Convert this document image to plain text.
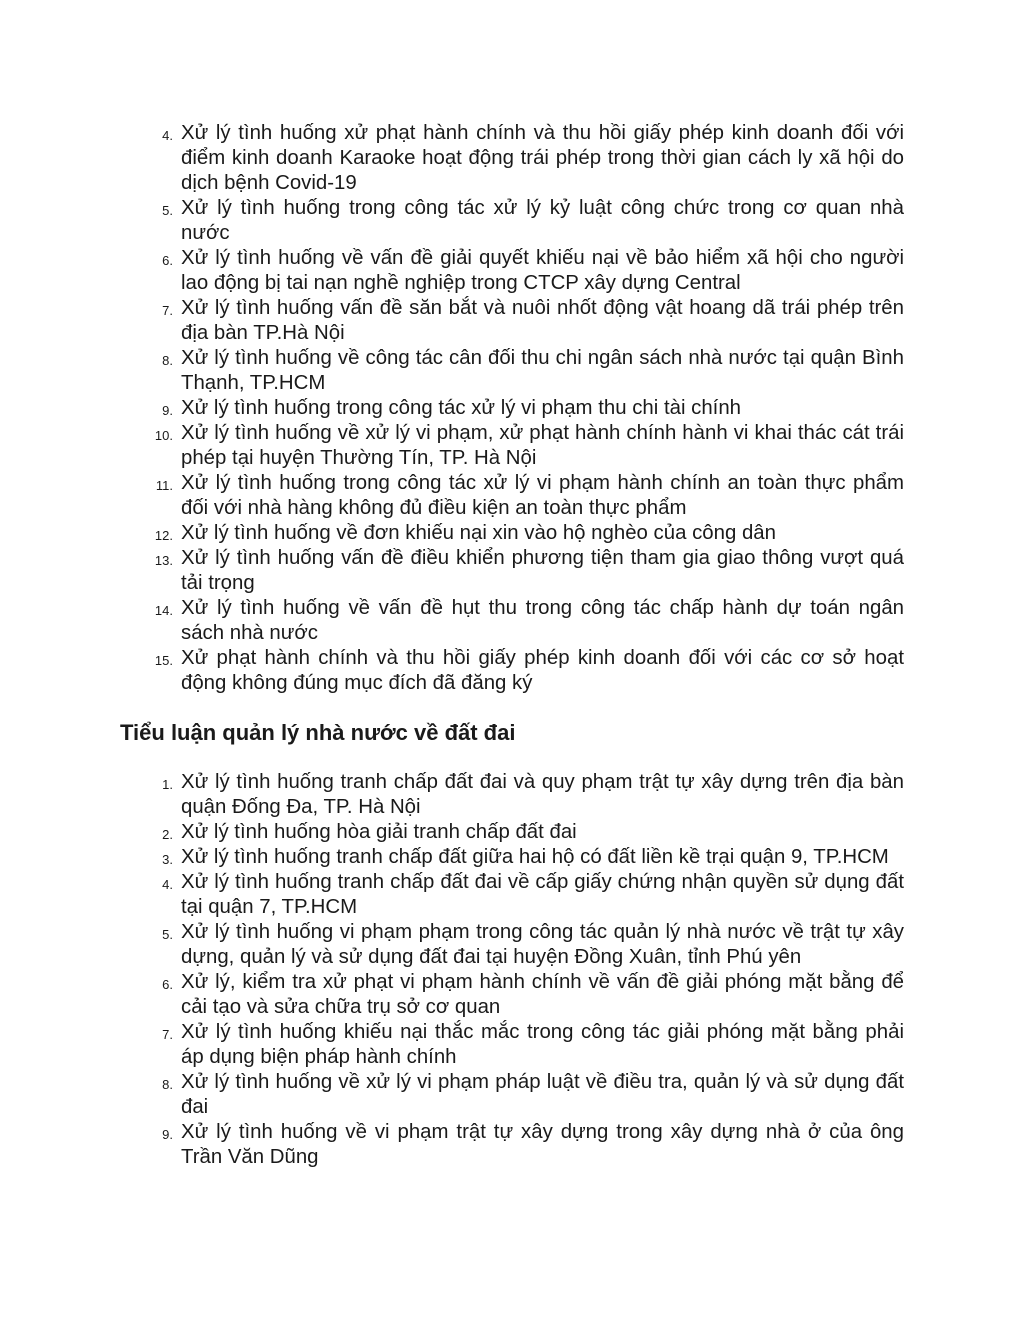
4. Xử lý tình huống xử phạt hành chính và thu hồi giấy phép kinh doanh đối với điểm kinh doanh Karaoke hoạt động trái phép trong thời gian cách ly xã hội do dịch bệnh Covid-19
5. Xử lý tình huống trong công tác xử lý kỷ luật công chức trong cơ quan nhà nước
6. Xử lý tình huống về vấn đề giải quyết khiếu nại về bảo hiểm xã hội cho người lao động bị tai nạn nghề nghiệp trong CTCP xây dựng Central
7. Xử lý tình huống vấn đề săn bắt và nuôi nhốt động vật hoang dã trái phép trên địa bàn TP.Hà Nội
8. Xử lý tình huống về công tác cân đối thu chi ngân sách nhà nước tại quận Bình Thạnh, TP.HCM
9. Xử lý tình huống trong công tác xử lý vi phạm thu chi tài chính
10. Xử lý tình huống về xử lý vi phạm, xử phạt hành chính hành vi khai thác cát trái phép tại huyện Thường Tín, TP. Hà Nội
11. Xử lý tình huống trong công tác xử lý vi phạm hành chính an toàn thực phẩm đối với nhà hàng không đủ điều kiện an toàn thực phẩm
12. Xử lý tình huống về đơn khiếu nại xin vào hộ nghèo của công dân
13. Xử lý tình huống vấn đề điều khiển phương tiện tham gia giao thông vượt quá tải trọng
14. Xử lý tình huống về vấn đề hụt thu trong công tác chấp hành dự toán ngân sách nhà nước
15. Xử phạt hành chính và thu hồi giấy phép kinh doanh đối với các cơ sở hoạt động không đúng mục đích đã đăng ký
Tiểu luận quản lý nhà nước về đất đai
1. Xử lý tình huống tranh chấp đất đai và quy phạm trật tự xây dựng trên địa bàn quận Đống Đa, TP. Hà Nội
2. Xử lý tình huống hòa giải tranh chấp đất đai
3. Xử lý tình huống tranh chấp đất giữa hai hộ có đất liền kề trại quận 9, TP.HCM
4. Xử lý tình huống tranh chấp đất đai về cấp giấy chứng nhận quyền sử dụng đất tại quận 7, TP.HCM
5. Xử lý tình huống vi phạm phạm trong công tác quản lý nhà nước về trật tự xây dựng, quản lý và sử dụng đất đai tại huyện Đồng Xuân, tỉnh Phú yên
6. Xử lý, kiểm tra xử phạt vi phạm hành chính về vấn đề giải phóng mặt bằng để cải tạo và sửa chữa trụ sở cơ quan
7. Xử lý tình huống khiếu nại thắc mắc trong công tác giải phóng mặt bằng phải áp dụng biện pháp hành chính
8. Xử lý tình huống về xử lý vi phạm pháp luật về điều tra, quản lý và sử dụng đất đai
9. Xử lý tình huống về vi phạm trật tự xây dựng trong xây dựng nhà ở của ông Trần Văn Dũng
